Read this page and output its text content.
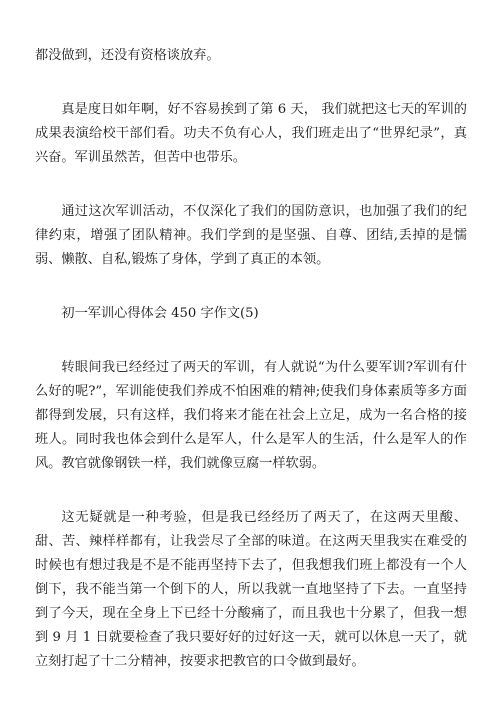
都没做到，还没有资格谈放弃。

真是度日如年啊，好不容易挨到了第 6 天， 我们就把这七天的军训的成果表演给校干部们看。功夫不负有心人，我们班走出了“世界纪录”，真兴奋。军训虽然苦，但苦中也带乐。

通过这次军训活动，不仅深化了我们的国防意识，也加强了我们的纪律约束，增强了团队精神。我们学到的是坚强、自尊、团结,丢掉的是懦弱、懒散、自私,锻炼了身体，学到了真正的本领。

初一军训心得体会 450 字作文(5)

转眼间我已经经过了两天的军训，有人就说“为什么要军训?军训有什么好的呢?”，军训能使我们养成不怕困难的精神;使我们身体素质等多方面都得到发展，只有这样，我们将来才能在社会上立足，成为一名合格的接班人。同时我也体会到什么是军人，什么是军人的生活，什么是军人的作风。教官就像钢铁一样，我们就像豆腐一样软弱。

这无疑就是一种考验，但是我已经经历了两天了，在这两天里酸、甜、苦、辣样样都有，让我尝尽了全部的味道。在这两天里我实在难受的时候也有想过我是不是不能再坚持下去了，但我想我们班上都没有一个人倒下，我不能当第一个倒下的人，所以我就一直地坚持了下去。一直坚持到了今天，现在全身上下已经十分酸痛了，而且我也十分累了，但我一想到 9 月 1 日就要检查了我只要好好的过好这一天，就可以休息一天了，就立刻打起了十二分精神，按要求把教官的口令做到最好。
